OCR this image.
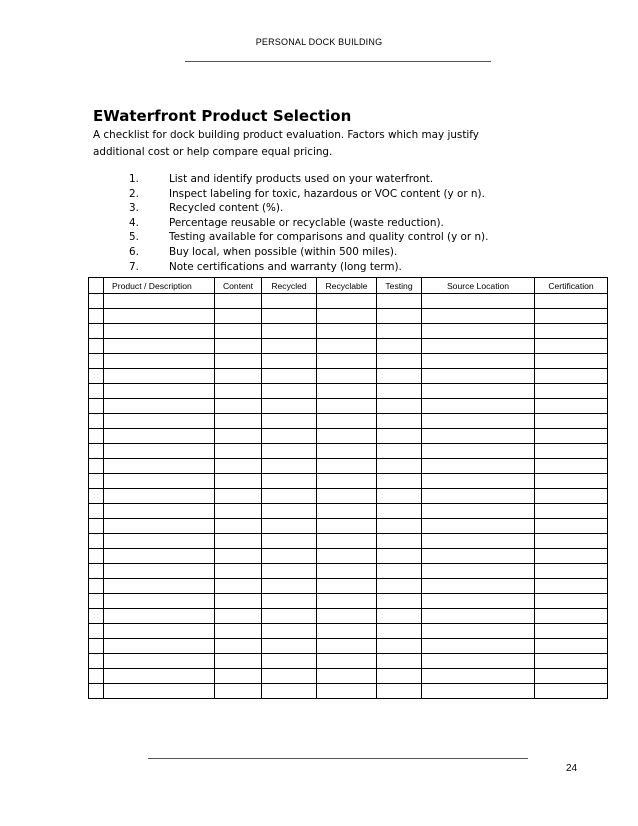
PERSONAL DOCK BUILDING
EWaterfront Product Selection
A checklist for dock building product evaluation. Factors which may justify
additional cost or help compare equal pricing.
1.	List and identify products used on your waterfront.
2.	Inspect labeling for toxic, hazardous or VOC content (y or n).
3.	Recycled content (%).
4.	Percentage reusable or recyclable (waste reduction).
5.	Testing available for comparisons and quality control (y or n).
6.	Buy local, when possible (within 500 miles).
7.	Note certifications and warranty (long term).
	Product / Description	Content	Recycled	Recyclable	Testing	Source Location	Certification

24
